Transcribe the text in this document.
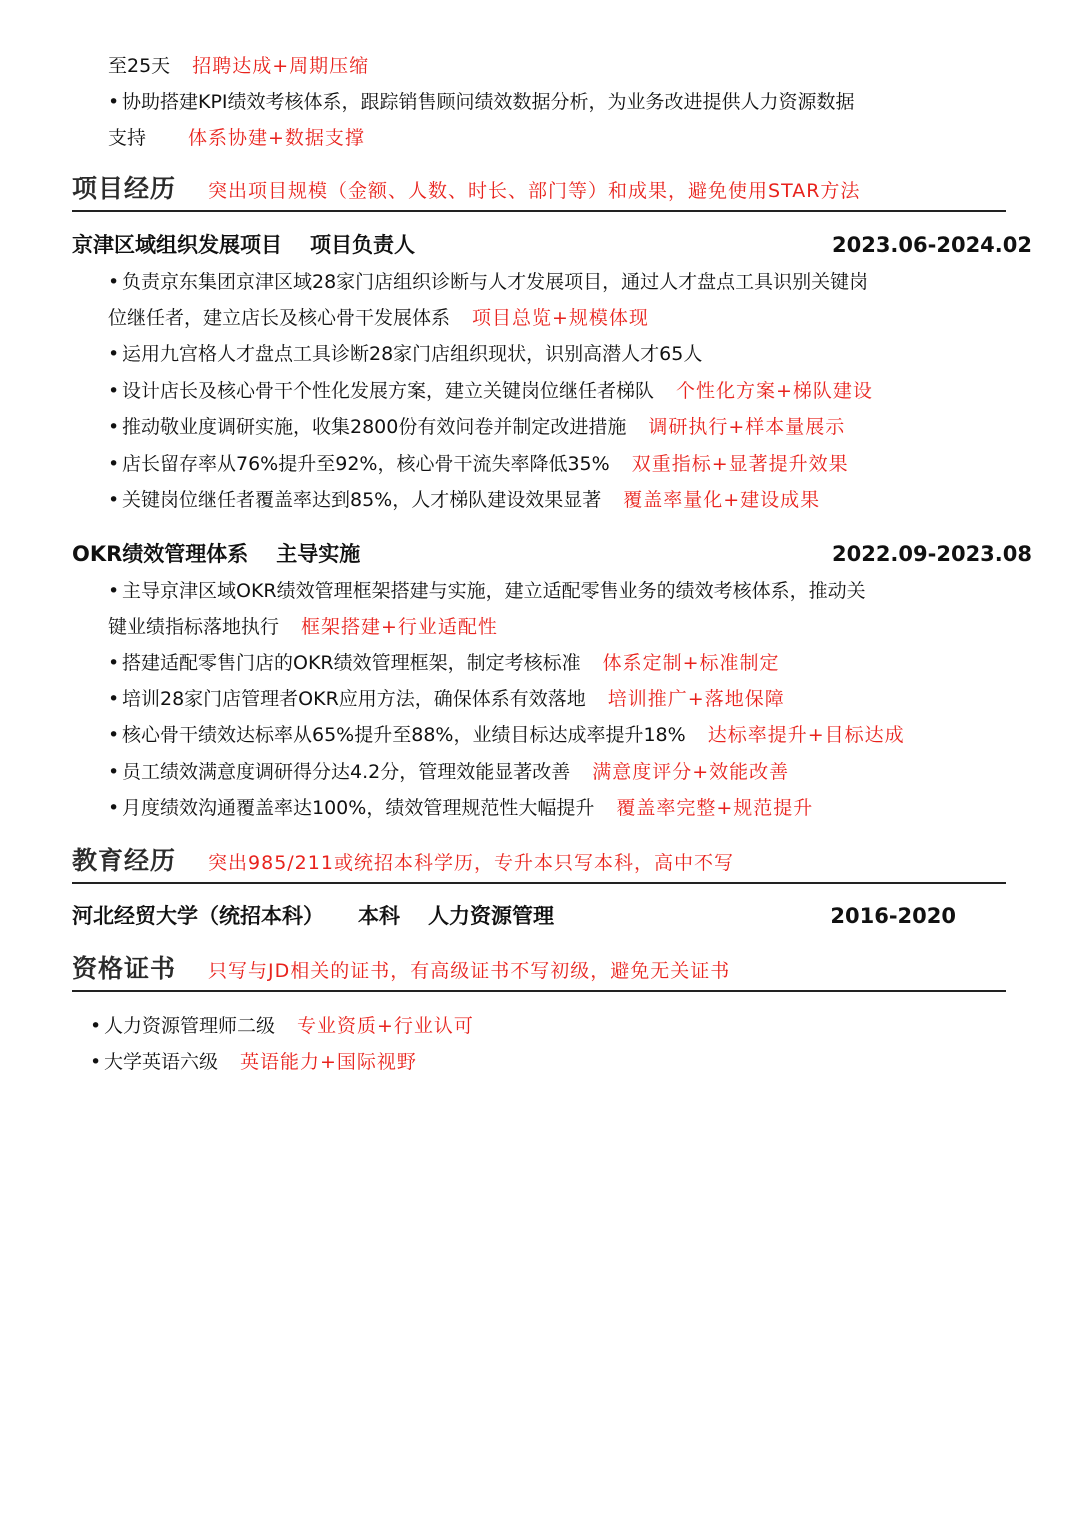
至25天 招聘达成+周期压缩
• 协助搭建KPI绩效考核体系，跟踪销售顾问绩效数据分析，为业务改进提供人力资源数据
支持 体系协建+数据支撑
项目经历 突出项目规模（金额、人数、时长、部门等）和成果，避免使用STAR方法
京津区域组织发展项目 项目负责人	2023.06-2024.02
• 负责京东集团京津区域28家门店组织诊断与人才发展项目，通过人才盘点工具识别关键岗
位继任者，建立店长及核心骨干发展体系 项目总览+规模体现
• 运用九宫格人才盘点工具诊断28家门店组织现状，识别高潜人才65人
• 设计店长及核心骨干个性化发展方案，建立关键岗位继任者梯队 个性化方案+梯队建设
• 推动敬业度调研实施，收集2800份有效问卷并制定改进措施 调研执行+样本量展示
• 店长留存率从76%提升至92%，核心骨干流失率降低35% 双重指标+显著提升效果
• 关键岗位继任者覆盖率达到85%，人才梯队建设效果显著 覆盖率量化+建设成果
OKR绩效管理体系 主导实施	2022.09-2023.08
• 主导京津区域OKR绩效管理框架搭建与实施，建立适配零售业务的绩效考核体系，推动关
键业绩指标落地执行 框架搭建+行业适配性
• 搭建适配零售门店的OKR绩效管理框架，制定考核标准 体系定制+标准制定
• 培训28家门店管理者OKR应用方法，确保体系有效落地 培训推广+落地保障
• 核心骨干绩效达标率从65%提升至88%，业绩目标达成率提升18% 达标率提升+目标达成
• 员工绩效满意度调研得分达4.2分，管理效能显著改善 满意度评分+效能改善
• 月度绩效沟通覆盖率达100%，绩效管理规范性大幅提升 覆盖率完整+规范提升
教育经历 突出985/211或统招本科学历，专升本只写本科，高中不写
河北经贸大学（统招本科） 本科 人力资源管理	2016-2020
资格证书 只写与JD相关的证书，有高级证书不写初级，避免无关证书
• 人力资源管理师二级 专业资质+行业认可
• 大学英语六级 英语能力+国际视野
